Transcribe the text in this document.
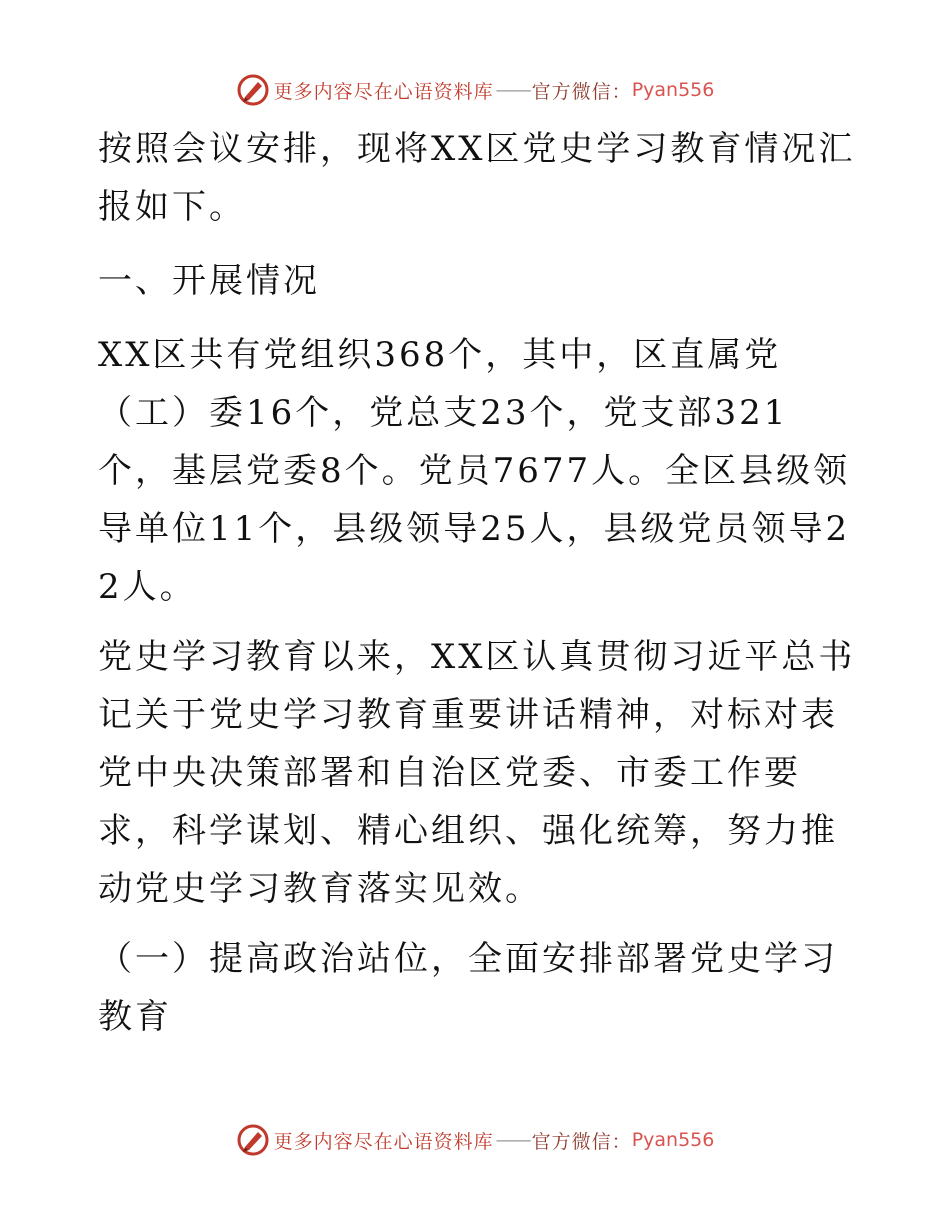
更多内容尽在心语资料库 —— 官方微信： Pyan556

按照会议安排，现将XX区党史学习教育情况汇报如下。

一、开展情况

XX区共有党组织368个，其中，区直属党（工）委16个，党总支23个，党支部321个，基层党委8个。党员7677人。全区县级领导单位11个，县级领导25人，县级党员领导22人。

党史学习教育以来，XX区认真贯彻习近平总书记关于党史学习教育重要讲话精神，对标对表党中央决策部署和自治区党委、市委工作要求，科学谋划、精心组织、强化统筹，努力推动党史学习教育落实见效。

（一）提高政治站位，全面安排部署党史学习教育

更多内容尽在心语资料库 —— 官方微信： Pyan556
